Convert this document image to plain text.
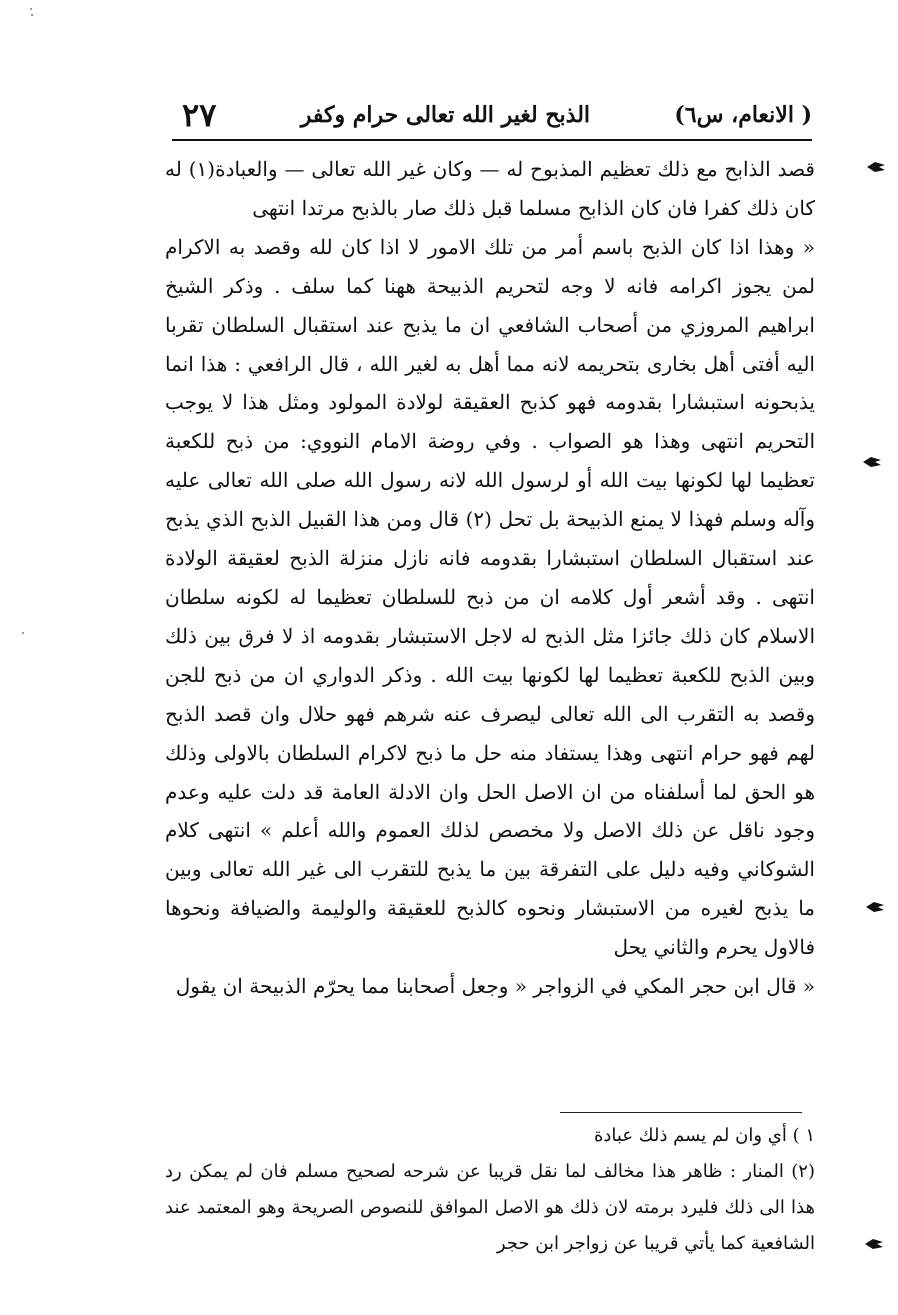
( الانعام، س٦)
الذبح لغير الله تعالى حرام وكفر
٢٧

قصد الذابح مع ذلك تعظيم المذبوح له — وكان غير الله تعالى — والعبادة(١) له كان ذلك كفرا فان كان الذابح مسلما قبل ذلك صار بالذبح مرتدا انتهى

« وهذا اذا كان الذبح باسم أمر من تلك الامور لا اذا كان لله وقصد به الاكرام لمن يجوز اكرامه فانه لا وجه لتحريم الذبيحة ههنا كما سلف . وذكر الشيخ ابراهيم المروزي من أصحاب الشافعي ان ما يذبح عند استقبال السلطان تقربا اليه أفتى أهل بخارى بتحريمه لانه مما أهل به لغير الله ، قال الرافعي : هذا انما يذبحونه استبشارا بقدومه فهو كذبح العقيقة لولادة المولود ومثل هذا لا يوجب التحريم انتهى وهذا هو الصواب . وفي روضة الامام النووي: من ذبح للكعبة تعظيما لها لكونها بيت الله أو لرسول الله لانه رسول الله صلى الله تعالى عليه وآله وسلم فهذا لا يمنع الذبيحة بل تحل (٢) قال ومن هذا القبيل الذبح الذي يذبح عند استقبال السلطان استبشارا بقدومه فانه نازل منزلة الذبح لعقيقة الولادة انتهى . وقد أشعر أول كلامه ان من ذبح للسلطان تعظيما له لكونه سلطان الاسلام كان ذلك جائزا مثل الذبح له لاجل الاستبشار بقدومه اذ لا فرق بين ذلك وبين الذبح للكعبة تعظيما لها لكونها بيت الله . وذكر الدواري ان من ذبح للجن وقصد به التقرب الى الله تعالى ليصرف عنه شرهم فهو حلال وان قصد الذبح لهم فهو حرام انتهى وهذا يستفاد منه حل ما ذبح لاكرام السلطان بالاولى وذلك هو الحق لما أسلفناه من ان الاصل الحل وان الادلة العامة قد دلت عليه وعدم وجود ناقل عن ذلك الاصل ولا مخصص لذلك العموم والله أعلم » انتهى كلام الشوكاني وفيه دليل على التفرقة بين ما يذبح للتقرب الى غير الله تعالى وبين ما يذبح لغيره من الاستبشار ونحوه كالذبح للعقيقة والوليمة والضيافة ونحوها فالاول يحرم والثاني يحل

« قال ابن حجر المكي في الزواجر « وجعل أصحابنا مما يحرّم الذبيحة ان يقول

١ ) أي وان لم يسم ذلك عبادة

(٢) المنار : ظاهر هذا مخالف لما نقل قريبا عن شرحه لصحيح مسلم فان لم يمكن رد هذا الى ذلك فليرد برمته لان ذلك هو الاصل الموافق للنصوص الصريحة وهو المعتمد عند الشافعية كما يأتي قريبا عن زواجر ابن حجر
